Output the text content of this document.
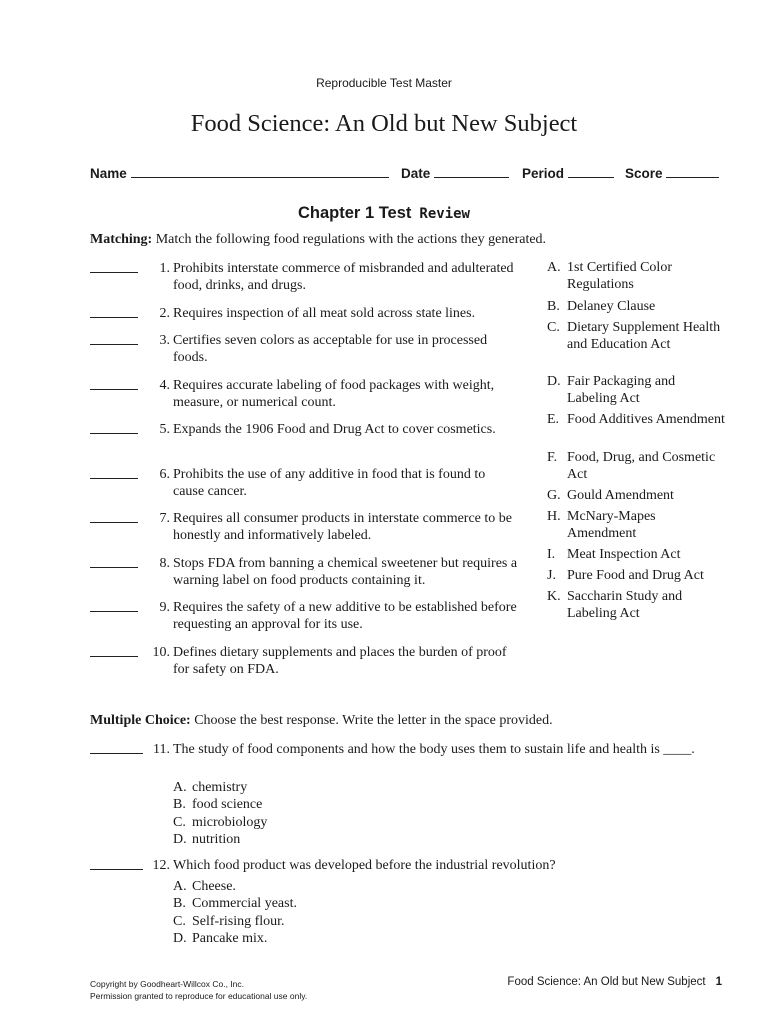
Reproducible Test Master
Food Science: An Old but New Subject
Name	Date	Period	Score
Chapter 1 Test Review
Matching: Match the following food regulations with the actions they generated.
1. Prohibits interstate commerce of misbranded and adulterated food, drinks, and drugs.
2. Requires inspection of all meat sold across state lines.
3. Certifies seven colors as acceptable for use in processed foods.
4. Requires accurate labeling of food packages with weight, measure, or numerical count.
5. Expands the 1906 Food and Drug Act to cover cosmetics.
6. Prohibits the use of any additive in food that is found to cause cancer.
7. Requires all consumer products in interstate commerce to be honestly and informatively labeled.
8. Stops FDA from banning a chemical sweetener but requires a warning label on food products containing it.
9. Requires the safety of a new additive to be established before requesting an approval for its use.
10. Defines dietary supplements and places the burden of proof for safety on FDA.
A. 1st Certified Color Regulations
B. Delaney Clause
C. Dietary Supplement Health and Education Act
D. Fair Packaging and Labeling Act
E. Food Additives Amendment
F. Food, Drug, and Cosmetic Act
G. Gould Amendment
H. McNary-Mapes Amendment
I. Meat Inspection Act
J. Pure Food and Drug Act
K. Saccharin Study and Labeling Act
Multiple Choice: Choose the best response. Write the letter in the space provided.
11. The study of food components and how the body uses them to sustain life and health is ____.
A. chemistry
B. food science
C. microbiology
D. nutrition
12. Which food product was developed before the industrial revolution?
A. Cheese.
B. Commercial yeast.
C. Self-rising flour.
D. Pancake mix.
Copyright by Goodheart-Willcox Co., Inc.
Permission granted to reproduce for educational use only.
Food Science: An Old but New Subject 1
